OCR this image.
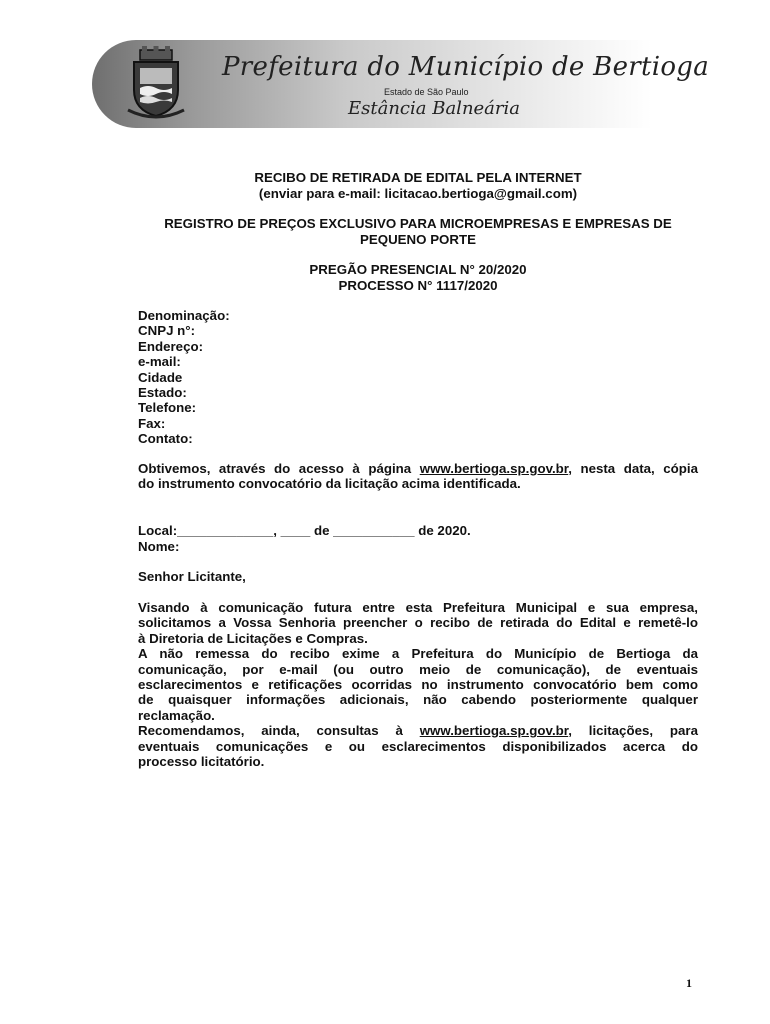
Prefeitura do Município de Bertioga
Estado de São Paulo
Estância Balneária
RECIBO DE RETIRADA DE EDITAL PELA INTERNET
(enviar para e-mail: licitacao.bertioga@gmail.com)
REGISTRO DE PREÇOS EXCLUSIVO PARA MICROEMPRESAS E EMPRESAS DE
PEQUENO PORTE
PREGÃO PRESENCIAL N° 20/2020
PROCESSO N° 1117/2020
Denominação:
CNPJ n°:
Endereço:
e-mail:
Cidade
Estado:
Telefone:
Fax:
Contato:
Obtivemos, através do acesso à página www.bertioga.sp.gov.br, nesta data, cópia
do instrumento convocatório da licitação acima identificada.
Local:_____________, ____ de ___________ de 2020.
Nome:
Senhor Licitante,
Visando à comunicação futura entre esta Prefeitura Municipal e sua empresa,
solicitamos a Vossa Senhoria preencher o recibo de retirada do Edital e remetê-lo
à Diretoria de Licitações e Compras.
A não remessa do recibo exime a Prefeitura do Município de Bertioga da
comunicação, por e-mail (ou outro meio de comunicação), de eventuais
esclarecimentos e retificações ocorridas no instrumento convocatório bem como
de quaisquer informações adicionais, não cabendo posteriormente qualquer
reclamação.
Recomendamos, ainda, consultas à www.bertioga.sp.gov.br, licitações, para
eventuais comunicações e ou esclarecimentos disponibilizados acerca do
processo licitatório.
1
